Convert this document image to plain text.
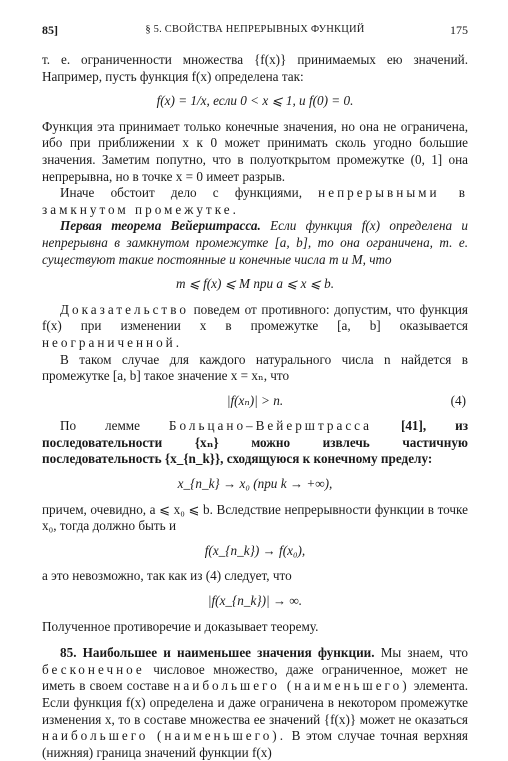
85]	§ 5. СВОЙСТВА НЕПРЕРЫВНЫХ ФУНКЦИЙ	175

т. е. ограниченности множества {f(x)} принимаемых ею значений. Например, пусть функция f(x) определена так:

f(x) = 1/x, если 0 < x ⩽ 1, и f(0) = 0.

Функция эта принимает только конечные значения, но она не ограничена, ибо при приближении x к 0 может принимать сколь угодно большие значения. Заметим попутно, что в полуоткрытом промежутке (0, 1] она непрерывна, но в точке x = 0 имеет разрыв.

Иначе обстоит дело с функциями, непрерывными в замкнутом промежутке.

Первая теорема Вейерштрасса. Если функция f(x) определена и непрерывна в замкнутом промежутке [a, b], то она ограничена, т. е. существуют такие постоянные и конечные числа m и M, что

m ⩽ f(x) ⩽ M при a ⩽ x ⩽ b.

Доказательство поведем от противного: допустим, что функция f(x) при изменении x в промежутке [a, b] оказывается неограниченной.

В таком случае для каждого натурального числа n найдется в промежутке [a, b] такое значение x = xₙ, что

|f(xₙ)| > n.	(4)

По лемме Больцано–Вейерштрасса [41], из последовательности {xₙ} можно извлечь частичную последовательность {x_{n_k}}, сходящуюся к конечному пределу:

x_{n_k} → x₀ (при k → +∞),

причем, очевидно, a ⩽ x₀ ⩽ b. Вследствие непрерывности функции в точке x₀, тогда должно быть и

f(x_{n_k}) → f(x₀),

а это невозможно, так как из (4) следует, что

|f(x_{n_k})| → ∞.

Полученное противоречие и доказывает теорему.

85. Наибольшее и наименьшее значения функции. Мы знаем, что бесконечное числовое множество, даже ограниченное, может не иметь в своем составе наибольшего (наименьшего) элемента. Если функция f(x) определена и даже ограничена в некотором промежутке изменения x, то в составе множества ее значений {f(x)} может не оказаться наибольшего (наименьшего). В этом случае точная верхняя (нижняя) граница значений функции f(x)
